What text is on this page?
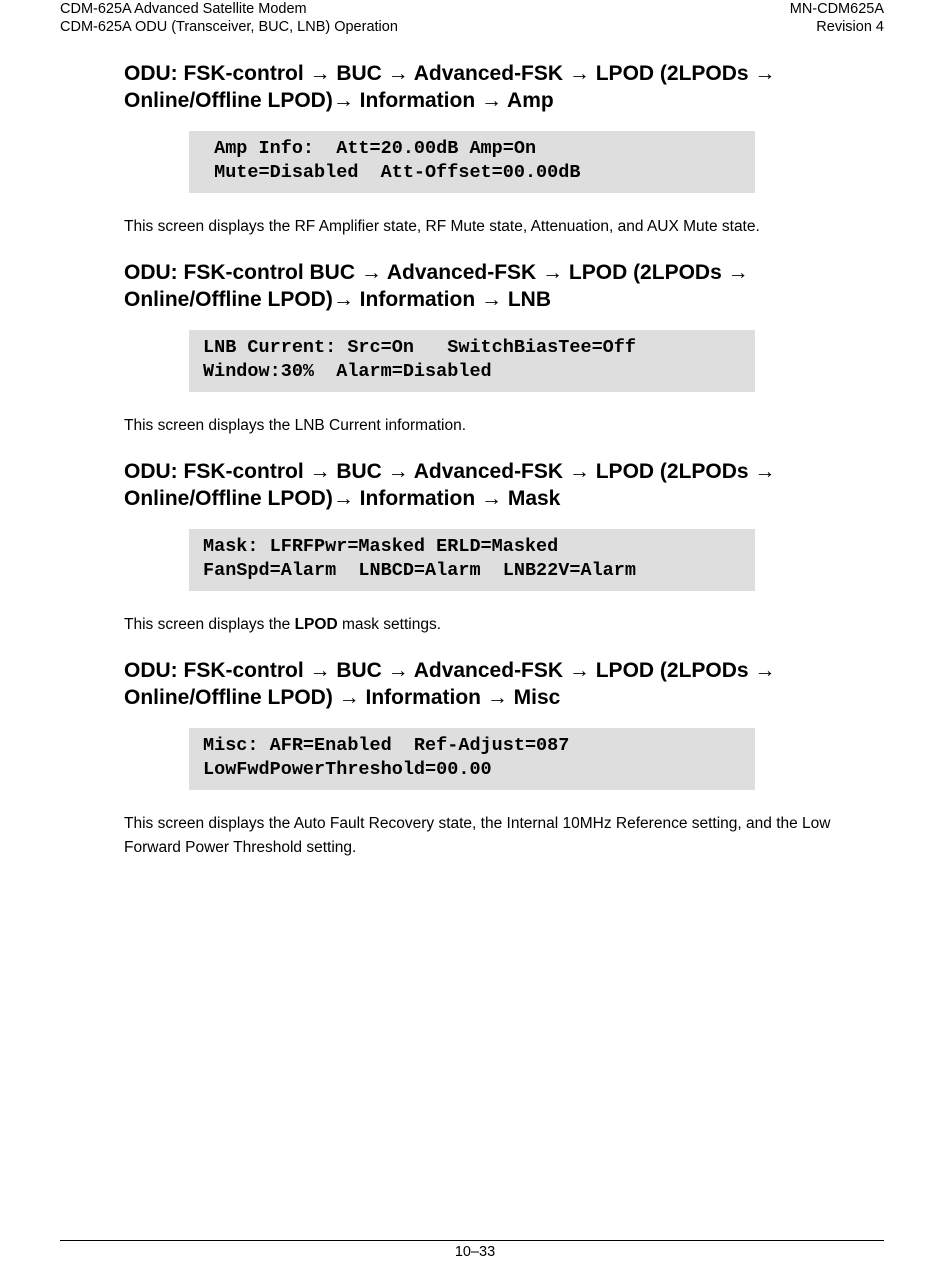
CDM-625A Advanced Satellite Modem
CDM-625A ODU (Transceiver, BUC, LNB) Operation
MN-CDM625A
Revision 4
ODU: FSK-control → BUC → Advanced-FSK → LPOD (2LPODs →
Online/Offline LPOD)→ Information → Amp
Amp Info:  Att=20.00dB Amp=On
Mute=Disabled  Att-Offset=00.00dB

This screen displays the RF Amplifier state, RF Mute state, Attenuation, and AUX Mute state.

ODU: FSK-control BUC → Advanced-FSK → LPOD (2LPODs →
Online/Offline LPOD)→ Information → LNB
LNB Current: Src=On   SwitchBiasTee=Off
Window:30%  Alarm=Disabled

This screen displays the LNB Current information.

ODU: FSK-control → BUC → Advanced-FSK → LPOD (2LPODs →
Online/Offline LPOD)→ Information → Mask
Mask: LFRFPwr=Masked ERLD=Masked
FanSpd=Alarm  LNBCD=Alarm  LNB22V=Alarm

This screen displays the LPOD mask settings.

ODU: FSK-control → BUC → Advanced-FSK → LPOD (2LPODs →
Online/Offline LPOD) → Information → Misc
Misc: AFR=Enabled  Ref-Adjust=087
LowFwdPowerThreshold=00.00

This screen displays the Auto Fault Recovery state, the Internal 10MHz Reference setting, and the Low Forward Power Threshold setting.

10–33
